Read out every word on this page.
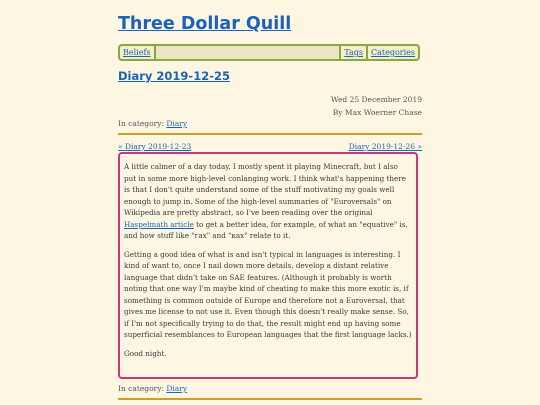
Three Dollar Quill
Beliefs	Tags	Categories
Diary 2019-12-25
Wed 25 December 2019
By Max Woerner Chase
In category: Diary
« Diary 2019-12-23	Diary 2019-12-26 »

A little calmer of a day today. I mostly spent it playing Minecraft, but I also put in some more high-level conlanging work. I think what's happening there is that I don't quite understand some of the stuff motivating my goals well enough to jump in. Some of the high-level summaries of "Euroversals" on Wikipedia are pretty abstract, so I've been reading over the original Haspelmath article to get a better idea, for example, of what an "equative" is, and how stuff like "гах" and "ках" relate to it.

Getting a good idea of what is and isn't typical in languages is interesting. I kind of want to, once I nail down more details, develop a distant relative language that didn't take on SAE features. (Although it probably is worth noting that one way I'm maybe kind of cheating to make this more exotic is, if something is common outside of Europe and therefore not a Euroversal, that gives me license to not use it. Even though this doesn't really make sense. So, if I'm not specifically trying to do that, the result might end up having some superficial resemblances to European languages that the first language lacks.)

Good night.

In category: Diary
